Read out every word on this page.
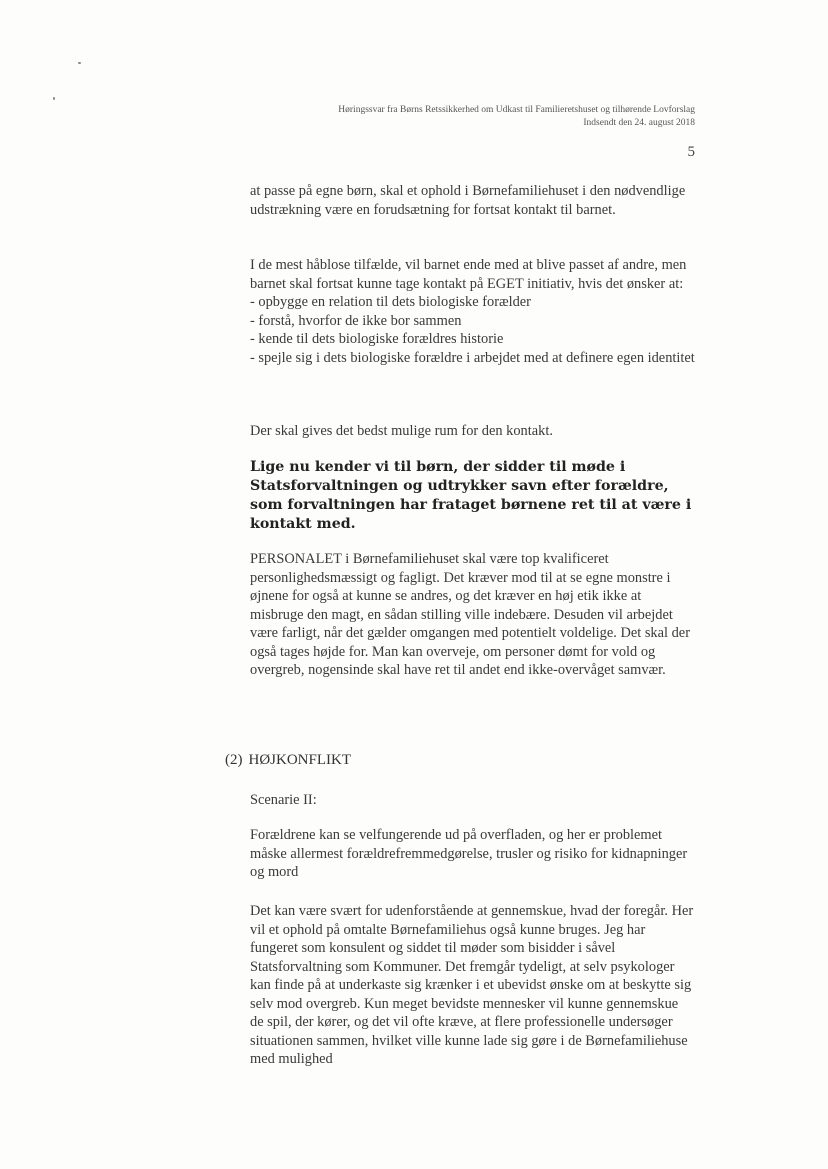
Høringssvar fra Børns Retssikkerhed om Udkast til Familieretshuset og tilhørende Lovforslag
Indsendt den 24. august 2018
5

at passe på egne børn, skal et ophold i Børnefamiliehuset i den nødvendlige udstrækning være en forudsætning for fortsat kontakt til barnet.

I de mest håblose tilfælde, vil barnet ende med at blive passet af andre, men barnet skal fortsat kunne tage kontakt på EGET initiativ, hvis det ønsker at:

- opbygge en relation til dets biologiske forælder
- forstå, hvorfor de ikke bor sammen
- kende til dets biologiske forældres historie
- spejle sig i dets biologiske forældre i arbejdet med at definere egen identitet

Der skal gives det bedst mulige rum for den kontakt.

Lige nu kender vi til børn, der sidder til møde i Statsforvaltningen og udtrykker savn efter forældre, som forvaltningen har frataget børnene ret til at være i kontakt med.

PERSONALET i Børnefamiliehuset skal være top kvalificeret personlighedsmæssigt og fagligt. Det kræver mod til at se egne monstre i øjnene for også at kunne se andres, og det kræver en høj etik ikke at misbruge den magt, en sådan stilling ville indebære. Desuden vil arbejdet være farligt, når det gælder omgangen med potentielt voldelige. Det skal der også tages højde for. Man kan overveje, om personer dømt for vold og overgreb, nogensinde skal have ret til andet end ikke-overvåget samvær.

(2) HØJKONFLIKT
Scenarie II:

Forældrene kan se velfungerende ud på overfladen, og her er problemet måske allermest forældrefremmedgørelse, trusler og risiko for kidnapninger og mord

Det kan være svært for udenforstående at gennemskue, hvad der foregår. Her vil et ophold på omtalte Børnefamiliehus også kunne bruges. Jeg har fungeret som konsulent og siddet til møder som bisidder i såvel Statsforvaltning som Kommuner. Det fremgår tydeligt, at selv psykologer kan finde på at underkaste sig krænker i et ubevidst ønske om at beskytte sig selv mod overgreb. Kun meget bevidste mennesker vil kunne gennemskue de spil, der kører, og det vil ofte kræve, at flere professionelle undersøger situationen sammen, hvilket ville kunne lade sig gøre i de Børnefamiliehuse med mulighed
